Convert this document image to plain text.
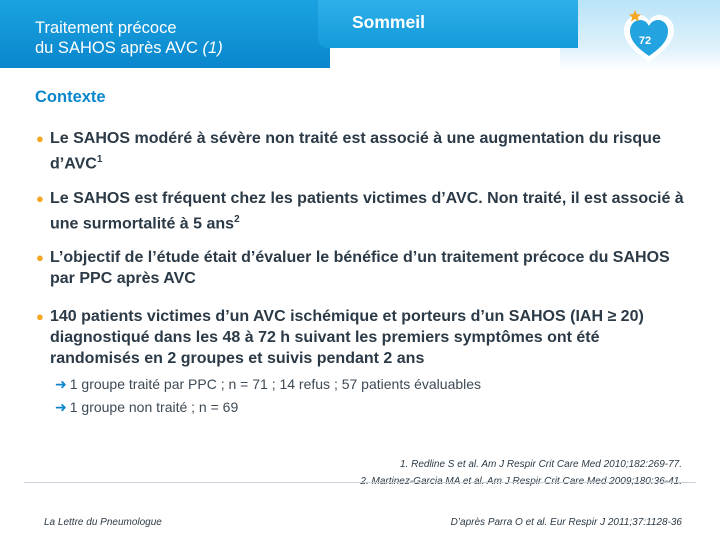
Traitement précoce
du SAHOS après AVC (1)
Sommeil
72
Contexte
● Le SAHOS modéré à sévère non traité est associé à une augmentation du risque d’AVC$^1$
● Le SAHOS est fréquent chez les patients victimes d’AVC. Non traité, il est associé à une surmortalité à 5 ans$^2$
● L’objectif de l’étude était d’évaluer le bénéfice d’un traitement précoce du SAHOS par PPC après AVC
● 140 patients victimes d’un AVC ischémique et porteurs d’un SAHOS (IAH ≥ 20) diagnostiqué dans les 48 à 72 h suivant les premiers symptômes ont été randomisés en 2 groupes et suivis pendant 2 ans
➜ 1 groupe traité par PPC ; n = 71 ; 14 refus ; 57 patients évaluables
➜ 1 groupe non traité ; n = 69
1. Redline S et al. Am J Respir Crit Care Med 2010;182:269-77.
La Lettre du Pneumologue	D’après Parra O et al. Eur Respir J 2011;37:1128-36
